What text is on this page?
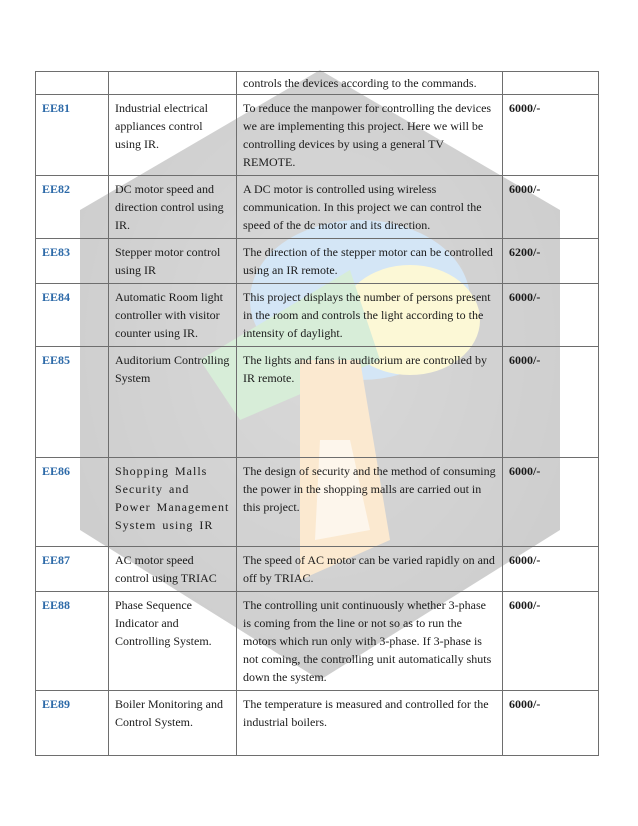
		controls the devices according to the commands.	
EE81	Industrial electrical appliances control using IR.	To reduce the manpower for controlling the devices we are implementing this project. Here we will be controlling devices by using a general TV REMOTE.	6000/-
EE82	DC motor speed and direction control using IR.	A DC motor is controlled using wireless communication. In this project we can control the speed of the dc motor and its direction.	6000/-
EE83	Stepper motor control using IR	The direction of the stepper motor can be controlled using an IR remote.	6200/-
EE84	Automatic Room light controller with visitor counter using IR.	This project displays the number of persons present in the room and controls the light according to the intensity of daylight.	6000/-
EE85	Auditorium Controlling System	The lights and fans in auditorium are controlled by IR remote.	6000/-
EE86	Shopping Malls Security and Power Management System using IR	The design of security and the method of consuming the power in the shopping malls are carried out in this project.	6000/-
EE87	AC motor speed control using TRIAC	The speed of AC motor can be varied rapidly on and off by TRIAC.	6000/-
EE88	Phase Sequence Indicator and Controlling System.	The controlling unit continuously whether 3-phase is coming from the line or not so as to run the motors which run only with 3-phase. If 3-phase is not coming, the controlling unit automatically shuts down the system.	6000/-
EE89	Boiler Monitoring and Control System.	The temperature is measured and controlled for the industrial boilers.	6000/-
